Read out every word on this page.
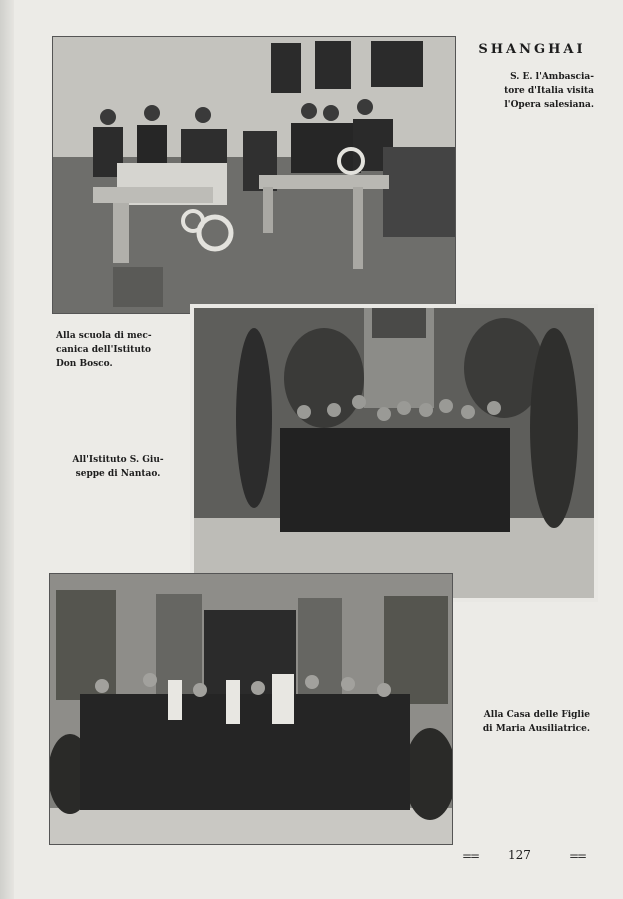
SHANGHAI
S. E. l'Ambascia-
tore d'Italia visita
l'Opera salesiana.
Alla scuola di mec-
canica dell'Istituto
Don Bosco.
All'Istituto S. Giu-
seppe di Nantao.
Alla Casa delle Figlie
di Maria Ausiliatrice.
== 127	==
